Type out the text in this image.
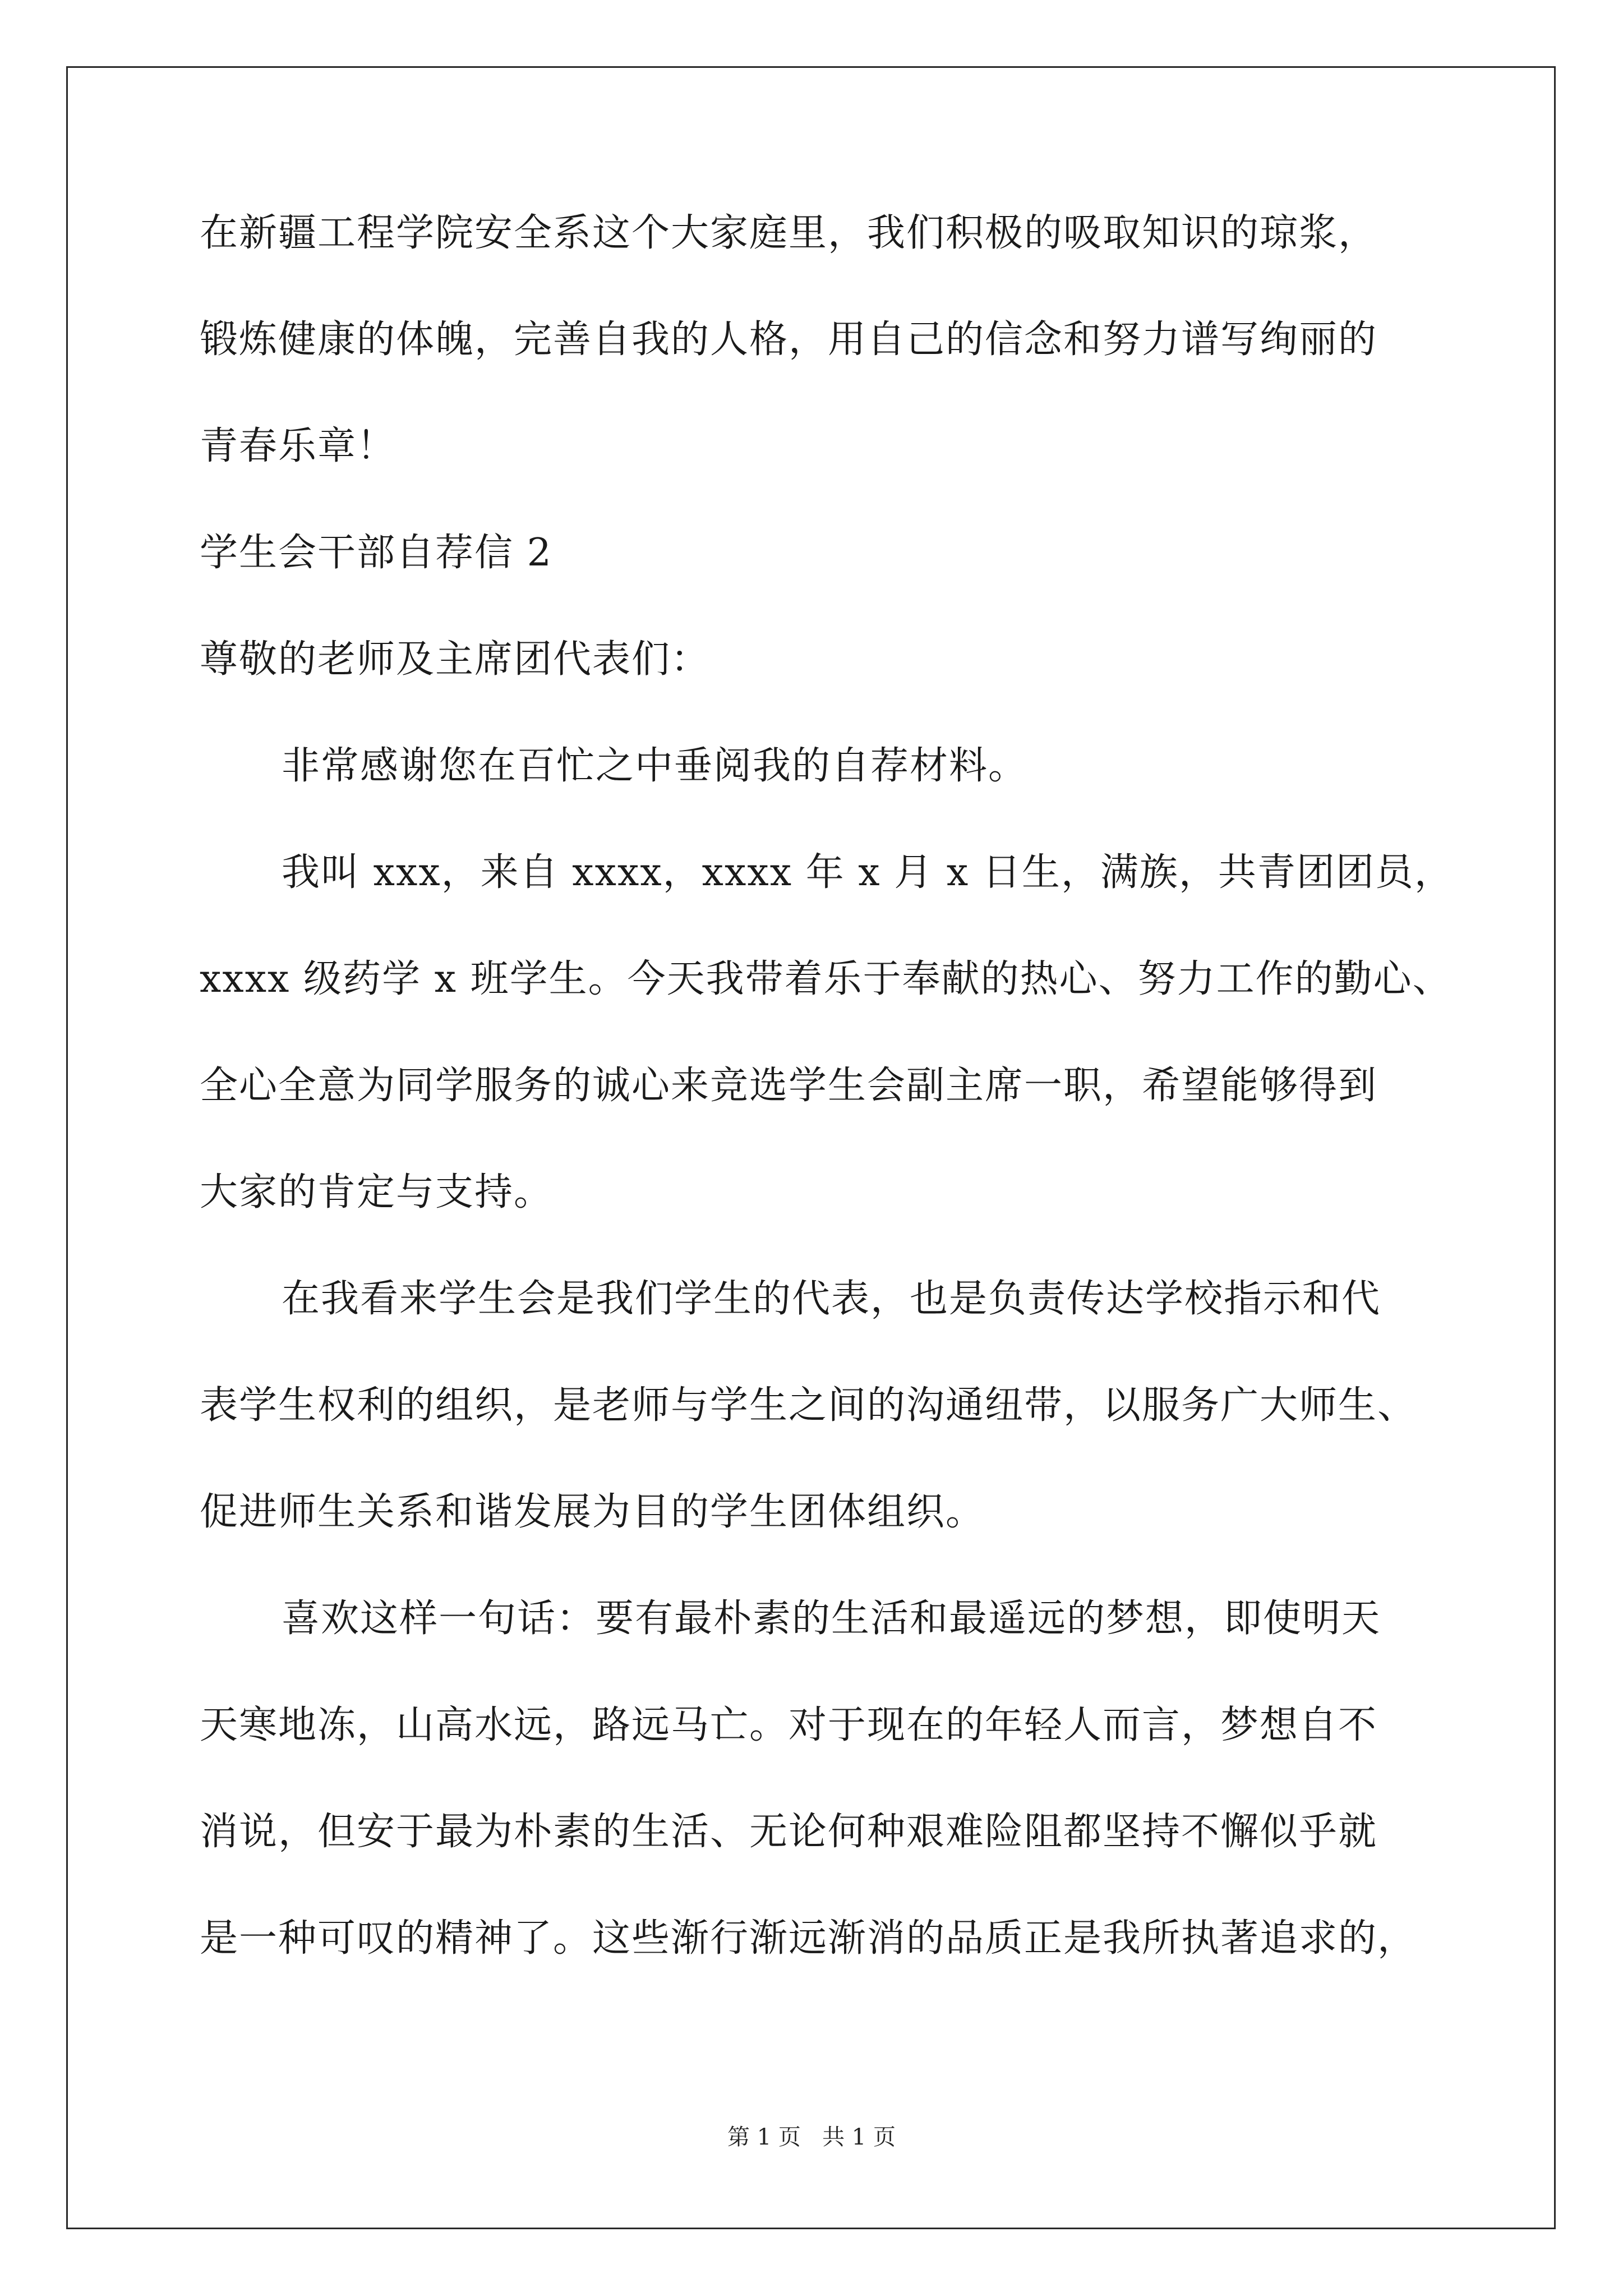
在新疆工程学院安全系这个大家庭里，我们积极的吸取知识的琼浆，
锻炼健康的体魄，完善自我的人格，用自己的信念和努力谱写绚丽的
青春乐章！
学生会干部自荐信 2
尊敬的老师及主席团代表们：
非常感谢您在百忙之中垂阅我的自荐材料。
我叫 xxx，来自 xxxx，xxxx 年 x 月 x 日生，满族，共青团团员，
xxxx 级药学 x 班学生。今天我带着乐于奉献的热心、努力工作的勤心、
全心全意为同学服务的诚心来竞选学生会副主席一职，希望能够得到
大家的肯定与支持。
在我看来学生会是我们学生的代表，也是负责传达学校指示和代
表学生权利的组织，是老师与学生之间的沟通纽带，以服务广大师生、
促进师生关系和谐发展为目的学生团体组织。
喜欢这样一句话：要有最朴素的生活和最遥远的梦想，即使明天
天寒地冻，山高水远，路远马亡。对于现在的年轻人而言，梦想自不
消说，但安于最为朴素的生活、无论何种艰难险阻都坚持不懈似乎就
是一种可叹的精神了。这些渐行渐远渐消的品质正是我所执著追求的，
第 1 页   共 1 页
